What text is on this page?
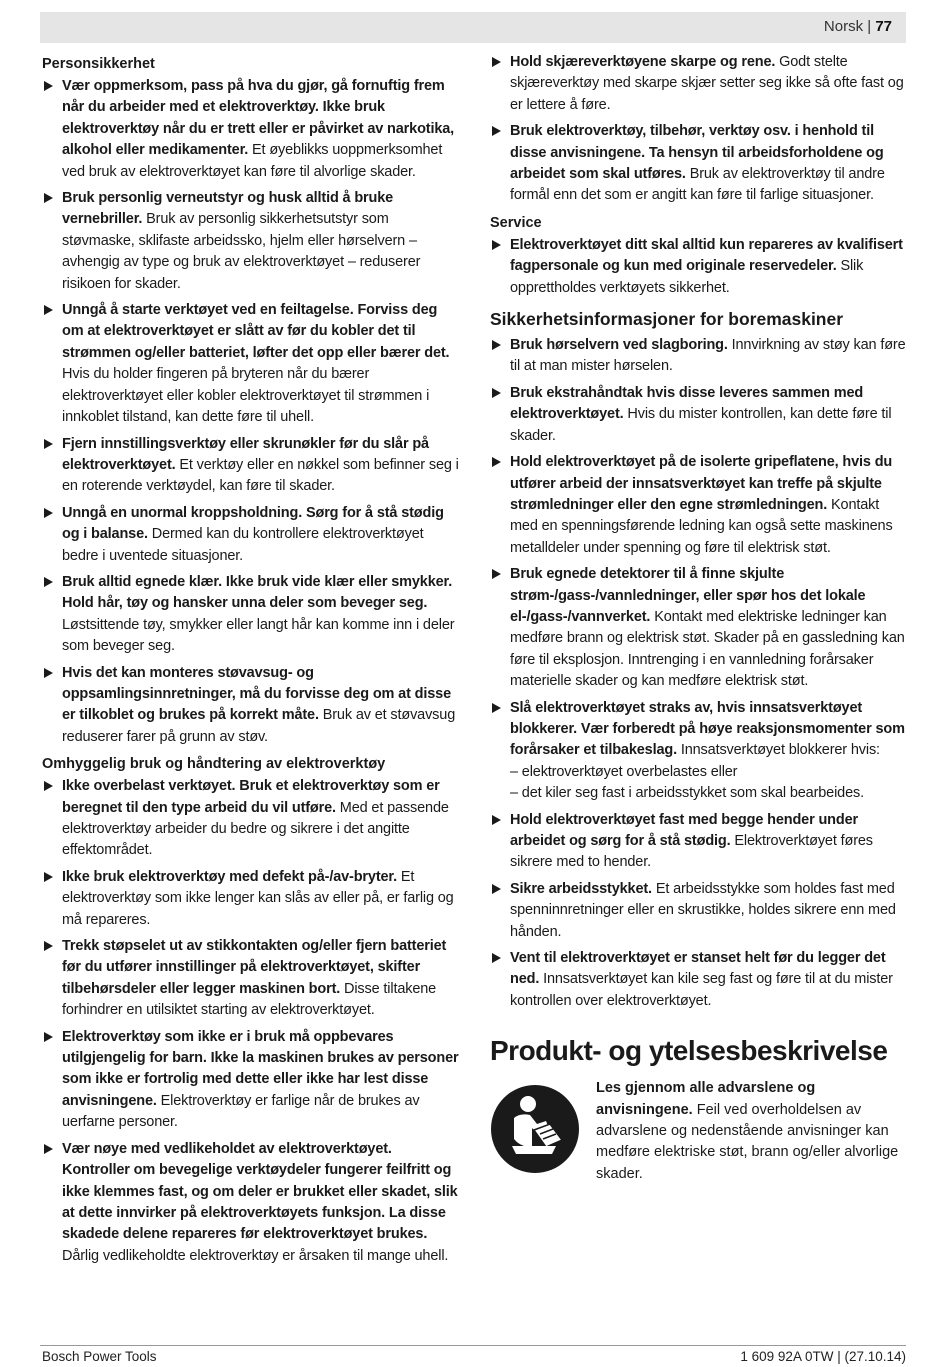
Norsk | 77
Personsikkerhet
Vær oppmerksom, pass på hva du gjør, gå fornuftig frem når du arbeider med et elektroverktøy. Ikke bruk elektroverktøy når du er trett eller er påvirket av narkotika, alkohol eller medikamenter. Et øyeblikks uoppmerksomhet ved bruk av elektroverktøyet kan føre til alvorlige skader.
Bruk personlig verneutstyr og husk alltid å bruke vernebriller. Bruk av personlig sikkerhetsutstyr som støvmaske, sklifaste arbeidssko, hjelm eller hørselvern – avhengig av type og bruk av elektroverktøyet – reduserer risikoen for skader.
Unngå å starte verktøyet ved en feiltagelse. Forviss deg om at elektroverktøyet er slått av før du kobler det til strømmen og/eller batteriet, løfter det opp eller bærer det. Hvis du holder fingeren på bryteren når du bærer elektroverktøyet eller kobler elektroverktøyet til strømmen i innkoblet tilstand, kan dette føre til uhell.
Fjern innstillingsverktøy eller skrunøkler før du slår på elektroverktøyet. Et verktøy eller en nøkkel som befinner seg i en roterende verktøydel, kan føre til skader.
Unngå en unormal kroppsholdning. Sørg for å stå stødig og i balanse. Dermed kan du kontrollere elektroverktøyet bedre i uventede situasjoner.
Bruk alltid egnede klær. Ikke bruk vide klær eller smykker. Hold hår, tøy og hansker unna deler som beveger seg. Løstsittende tøy, smykker eller langt hår kan komme inn i deler som beveger seg.
Hvis det kan monteres støvavsug- og oppsamlingsinnretninger, må du forvisse deg om at disse er tilkoblet og brukes på korrekt måte. Bruk av et støvavsug reduserer farer på grunn av støv.
Omhyggelig bruk og håndtering av elektroverktøy
Ikke overbelast verktøyet. Bruk et elektroverktøy som er beregnet til den type arbeid du vil utføre. Med et passende elektroverktøy arbeider du bedre og sikrere i det angitte effektområdet.
Ikke bruk elektroverktøy med defekt på-/av-bryter. Et elektroverktøy som ikke lenger kan slås av eller på, er farlig og må repareres.
Trekk støpselet ut av stikkontakten og/eller fjern batteriet før du utfører innstillinger på elektroverktøyet, skifter tilbehørsdeler eller legger maskinen bort. Disse tiltakene forhindrer en utilsiktet starting av elektroverktøyet.
Elektroverktøy som ikke er i bruk må oppbevares utilgjengelig for barn. Ikke la maskinen brukes av personer som ikke er fortrolig med dette eller ikke har lest disse anvisningene. Elektroverktøy er farlige når de brukes av uerfarne personer.
Vær nøye med vedlikeholdet av elektroverktøyet. Kontroller om bevegelige verktøydeler fungerer feilfritt og ikke klemmes fast, og om deler er brukket eller skadet, slik at dette innvirker på elektroverktøyets funksjon. La disse skadede delene repareres før elektroverktøyet brukes. Dårlig vedlikeholdte elektroverktøy er årsaken til mange uhell.
Hold skjæreverktøyene skarpe og rene. Godt stelte skjæreverktøy med skarpe skjær setter seg ikke så ofte fast og er lettere å føre.
Bruk elektroverktøy, tilbehør, verktøy osv. i henhold til disse anvisningene. Ta hensyn til arbeidsforholdene og arbeidet som skal utføres. Bruk av elektroverktøy til andre formål enn det som er angitt kan føre til farlige situasjoner.
Service
Elektroverktøyet ditt skal alltid kun repareres av kvalifisert fagpersonale og kun med originale reservedeler. Slik opprettholdes verktøyets sikkerhet.
Sikkerhetsinformasjoner for boremaskiner
Bruk hørselvern ved slagboring. Innvirkning av støy kan føre til at man mister hørselen.
Bruk ekstrahåndtak hvis disse leveres sammen med elektroverktøyet. Hvis du mister kontrollen, kan dette føre til skader.
Hold elektroverktøyet på de isolerte gripeflatene, hvis du utfører arbeid der innsatsverktøyet kan treffe på skjulte strømledninger eller den egne strømledningen. Kontakt med en spenningsførende ledning kan også sette maskinens metalldeler under spenning og føre til elektrisk støt.
Bruk egnede detektorer til å finne skjulte strøm-/gass-/vannledninger, eller spør hos det lokale el-/gass-/vannverket. Kontakt med elektriske ledninger kan medføre brann og elektrisk støt. Skader på en gassledning kan føre til eksplosjon. Inntrenging i en vannledning forårsaker materielle skader og kan medføre elektrisk støt.
Slå elektroverktøyet straks av, hvis innsatsverktøyet blokkerer. Vær forberedt på høye reaksjonsmomenter som forårsaker et tilbakeslag. Innsatsverktøyet blokkerer hvis:
– elektroverktøyet overbelastes eller
– det kiler seg fast i arbeidsstykket som skal bearbeides.
Hold elektroverktøyet fast med begge hender under arbeidet og sørg for å stå stødig. Elektroverktøyet føres sikrere med to hender.
Sikre arbeidsstykket. Et arbeidsstykke som holdes fast med spenninnretninger eller en skrustikke, holdes sikrere enn med hånden.
Vent til elektroverktøyet er stanset helt før du legger det ned. Innsatsverktøyet kan kile seg fast og føre til at du mister kontrollen over elektroverktøyet.
Produkt- og ytelsesbeskrivelse
Les gjennom alle advarslene og anvisningene. Feil ved overholdelsen av advarslene og nedenstående anvisninger kan medføre elektriske støt, brann og/eller alvorlige skader.
Bosch Power Tools	1 609 92A 0TW | (27.10.14)
